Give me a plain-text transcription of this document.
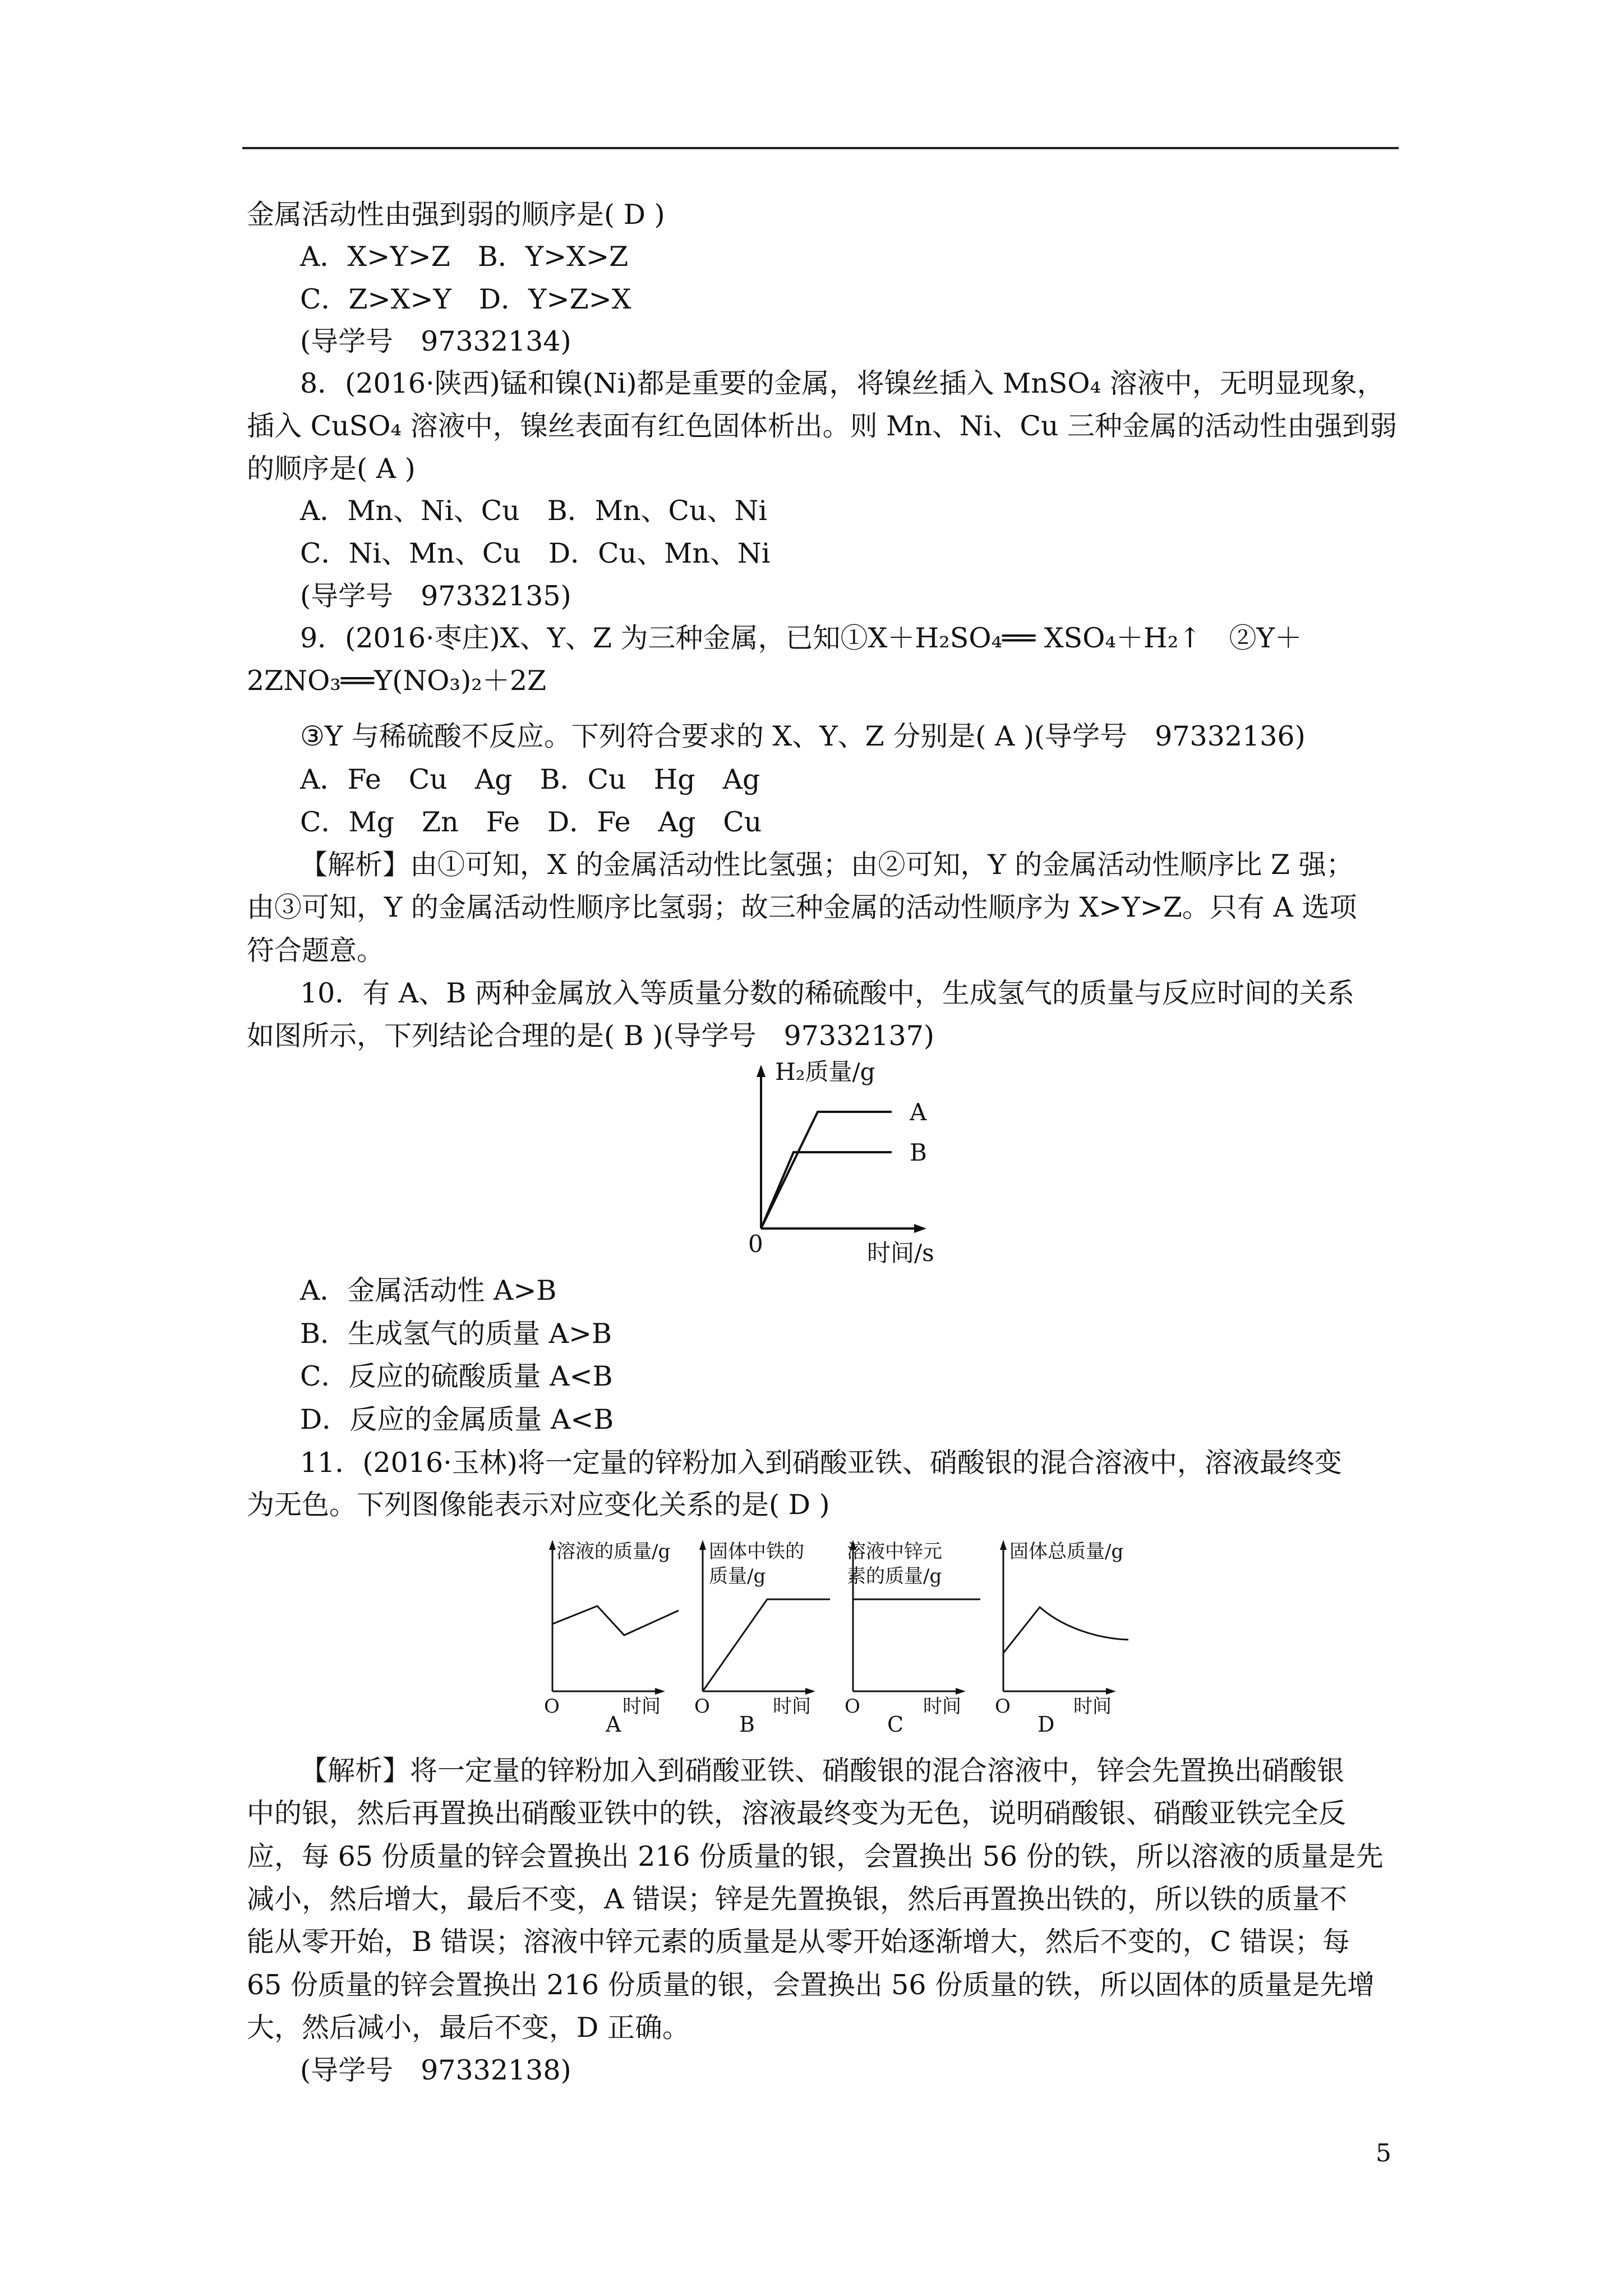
金属活动性由强到弱的顺序是( D )
A．X>Y>Z　B．Y>X>Z
C．Z>X>Y　D．Y>Z>X
(导学号　97332134)
8．(2016·陕西)锰和镍(Ni)都是重要的金属，将镍丝插入 MnSO₄ 溶液中，无明显现象，
插入 CuSO₄ 溶液中，镍丝表面有红色固体析出。则 Mn、Ni、Cu 三种金属的活动性由强到弱
的顺序是( A )
A．Mn、Ni、Cu　B．Mn、Cu、Ni
C．Ni、Mn、Cu　D．Cu、Mn、Ni
(导学号　97332135)
9．(2016·枣庄)X、Y、Z 为三种金属，已知①X＋H₂SO₄══ XSO₄＋H₂↑　②Y＋
2ZNO₃══Y(NO₃)₂＋2Z
③Y 与稀硫酸不反应。下列符合要求的 X、Y、Z 分别是( A )(导学号　97332136)
A．Fe　Cu　Ag　B．Cu　Hg　Ag
C．Mg　Zn　Fe　D．Fe　Ag　Cu
【解析】由①可知，X 的金属活动性比氢强；由②可知，Y 的金属活动性顺序比 Z 强；
由③可知，Y 的金属活动性顺序比氢弱；故三种金属的活动性顺序为 X>Y>Z。只有 A 选项
符合题意。
10．有 A、B 两种金属放入等质量分数的稀硫酸中，生成氢气的质量与反应时间的关系
如图所示，下列结论合理的是( B )(导学号　97332137)
H₂质量/g
0	时间/s
A
B
A．金属活动性 A>B
B．生成氢气的质量 A>B
C．反应的硫酸质量 A<B
D．反应的金属质量 A<B
11．(2016·玉林)将一定量的锌粉加入到硝酸亚铁、硝酸银的混合溶液中，溶液最终变
为无色。下列图像能表示对应变化关系的是( D )
溶液的质量/g
O	时间
A
固体中铁的
质量/g
O	时间
B
溶液中锌元
素的质量/g
O	时间
C
固体总质量/g
O	时间
D
【解析】将一定量的锌粉加入到硝酸亚铁、硝酸银的混合溶液中，锌会先置换出硝酸银
中的银，然后再置换出硝酸亚铁中的铁，溶液最终变为无色，说明硝酸银、硝酸亚铁完全反
应，每 65 份质量的锌会置换出 216 份质量的银，会置换出 56 份的铁，所以溶液的质量是先
减小，然后增大，最后不变，A 错误；锌是先置换银，然后再置换出铁的，所以铁的质量不
能从零开始，B 错误；溶液中锌元素的质量是从零开始逐渐增大，然后不变的，C 错误；每
65 份质量的锌会置换出 216 份质量的银，会置换出 56 份质量的铁，所以固体的质量是先增
大，然后减小，最后不变，D 正确。
(导学号　97332138)
5
